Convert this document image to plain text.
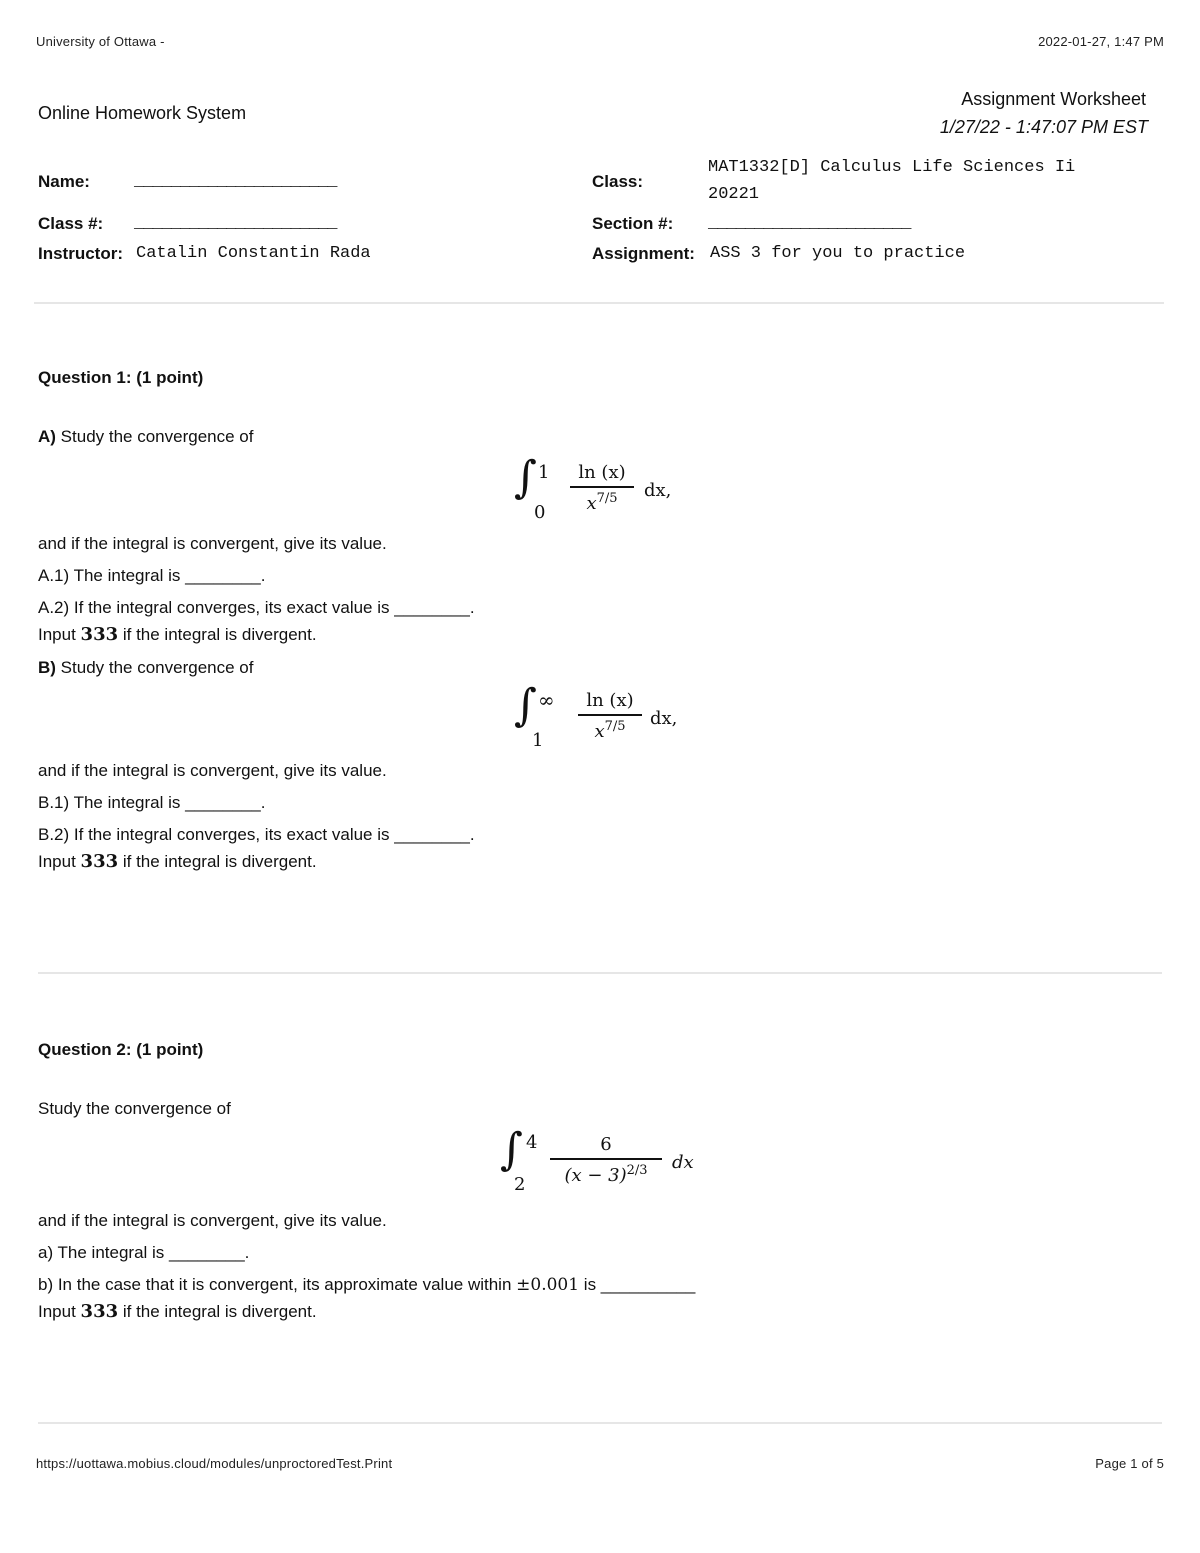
University of Ottawa -	2022-01-27, 1:47 PM
Online Homework System
Assignment Worksheet
1/27/22 - 1:47:07 PM EST
Name:	______________________	Class:
MAT1332[D] Calculus Life Sciences Ii
20221
Class #: ______________________	Section #: ______________________
Instructor: Catalin Constantin Rada	Assignment: ASS 3 for you to practice
Question 1: (1 point)
A) Study the convergence of
∫ 1
0
ln (x)
$x^{7/5}$	dx,
and if the integral is convergent, give its value.
A.1) The integral is ________.
A.2) If the integral converges, its exact value is ________.
Input 333 if the integral is divergent.
B) Study the convergence of
∫ ∞
1
ln (x)
$x^{7/5}$	dx,
and if the integral is convergent, give its value.
B.1) The integral is ________.
B.2) If the integral converges, its exact value is ________.
Input 333 if the integral is divergent.
Question 2: (1 point)
Study the convergence of
∫ 4
2
6
$(x - 3)^{2/3}$	dx
and if the integral is convergent, give its value.
a) The integral is ________.
b) In the case that it is convergent, its approximate value within ±0.001 is __________
Input 333 if the integral is divergent.
https://uottawa.mobius.cloud/modules/unproctoredTest.Print	Page 1 of 5
